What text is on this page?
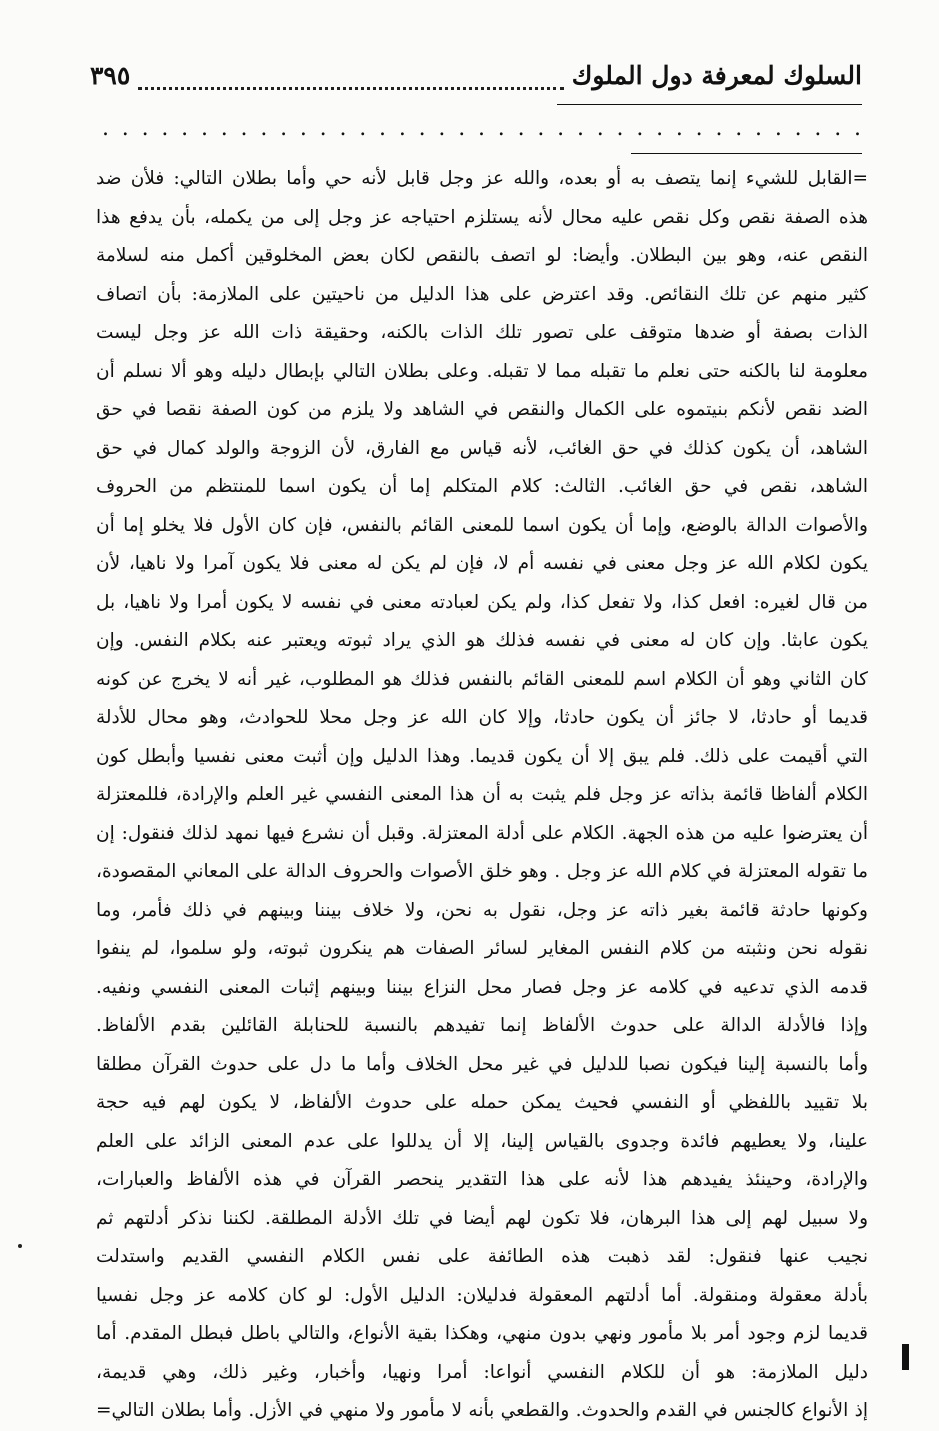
السلوك لمعرفة دول الملوك
٣٩٥
. . . . . . . . . . . . . . . . . . . . . . . . . . . . . . . . . . . . . . .
=القابل للشيء إنما يتصف به أو بعده، والله عز وجل قابل لأنه حي وأما بطلان التالي: فلأن ضد
هذه الصفة نقص وكل نقص عليه محال لأنه يستلزم احتياجه عز وجل إلى من يكمله، بأن يدفع هذا
النقص عنه، وهو بين البطلان. وأيضا: لو اتصف بالنقص لكان بعض المخلوقين أكمل منه لسلامة
كثير منهم عن تلك النقائص. وقد اعترض على هذا الدليل من ناحيتين على الملازمة: بأن اتصاف
الذات بصفة أو ضدها متوقف على تصور تلك الذات بالكنه، وحقيقة ذات الله عز وجل ليست
معلومة لنا بالكنه حتى نعلم ما تقبله مما لا تقبله. وعلى بطلان التالي بإبطال دليله وهو ألا نسلم أن
الضد نقص لأنكم بنيتموه على الكمال والنقص في الشاهد ولا يلزم من كون الصفة نقصا في حق
الشاهد، أن يكون كذلك في حق الغائب، لأنه قياس مع الفارق، لأن الزوجة والولد كمال في حق
الشاهد، نقص في حق الغائب. الثالث: كلام المتكلم إما أن يكون اسما للمنتظم من الحروف
والأصوات الدالة بالوضع، وإما أن يكون اسما للمعنى القائم بالنفس، فإن كان الأول فلا يخلو إما أن
يكون لكلام الله عز وجل معنى في نفسه أم لا، فإن لم يكن له معنى فلا يكون آمرا ولا ناهيا، لأن
من قال لغيره: افعل كذا، ولا تفعل كذا، ولم يكن لعبادته معنى في نفسه لا يكون أمرا ولا ناهيا، بل
يكون عابثا. وإن كان له معنى في نفسه فذلك هو الذي يراد ثبوته ويعتبر عنه بكلام النفس. وإن
كان الثاني وهو أن الكلام اسم للمعنى القائم بالنفس فذلك هو المطلوب، غير أنه لا يخرج عن كونه
قديما أو حادثا، لا جائز أن يكون حادثا، وإلا كان الله عز وجل محلا للحوادث، وهو محال للأدلة
التي أقيمت على ذلك. فلم يبق إلا أن يكون قديما. وهذا الدليل وإن أثبت معنى نفسيا وأبطل كون
الكلام ألفاظا قائمة بذاته عز وجل فلم يثبت به أن هذا المعنى النفسي غير العلم والإرادة، فللمعتزلة
أن يعترضوا عليه من هذه الجهة. الكلام على أدلة المعتزلة. وقبل أن نشرع فيها نمهد لذلك فنقول: إن
ما تقوله المعتزلة في كلام الله عز وجل . وهو خلق الأصوات والحروف الدالة على المعاني المقصودة،
وكونها حادثة قائمة بغير ذاته عز وجل، نقول به نحن، ولا خلاف بيننا وبينهم في ذلك فأمر، وما
نقوله نحن ونثبته من كلام النفس المغاير لسائر الصفات هم ينكرون ثبوته، ولو سلموا، لم ينفوا
قدمه الذي تدعيه في كلامه عز وجل فصار محل النزاع بيننا وبينهم إثبات المعنى النفسي ونفيه.
وإذا فالأدلة الدالة على حدوث الألفاظ إنما تفيدهم بالنسبة للحنابلة القائلين بقدم الألفاظ.
وأما بالنسبة إلينا فيكون نصبا للدليل في غير محل الخلاف وأما ما دل على حدوث القرآن مطلقا
بلا تقييد باللفظي أو النفسي فحيث يمكن حمله على حدوث الألفاظ، لا يكون لهم فيه حجة
علينا، ولا يعطيهم فائدة وجدوى بالقياس إلينا، إلا أن يدللوا على عدم المعنى الزائد على العلم
والإرادة، وحينئذ يفيدهم هذا لأنه على هذا التقدير ينحصر القرآن في هذه الألفاظ والعبارات،
ولا سبيل لهم إلى هذا البرهان، فلا تكون لهم أيضا في تلك الأدلة المطلقة. لكننا نذكر أدلتهم ثم
نجيب عنها فنقول: لقد ذهبت هذه الطائفة على نفس الكلام النفسي القديم واستدلت
بأدلة معقولة ومنقولة. أما أدلتهم المعقولة فدليلان: الدليل الأول: لو كان كلامه عز وجل نفسيا
قديما لزم وجود أمر بلا مأمور ونهي بدون منهي، وهكذا بقية الأنواع، والتالي باطل فبطل المقدم. أما
دليل الملازمة: هو أن للكلام النفسي أنواعا: أمرا ونهيا، وأخبار، وغير ذلك، وهي قديمة،
إذ الأنواع كالجنس في القدم والحدوث. والقطعي بأنه لا مأمور ولا منهي في الأزل. وأما بطلان التالي=
